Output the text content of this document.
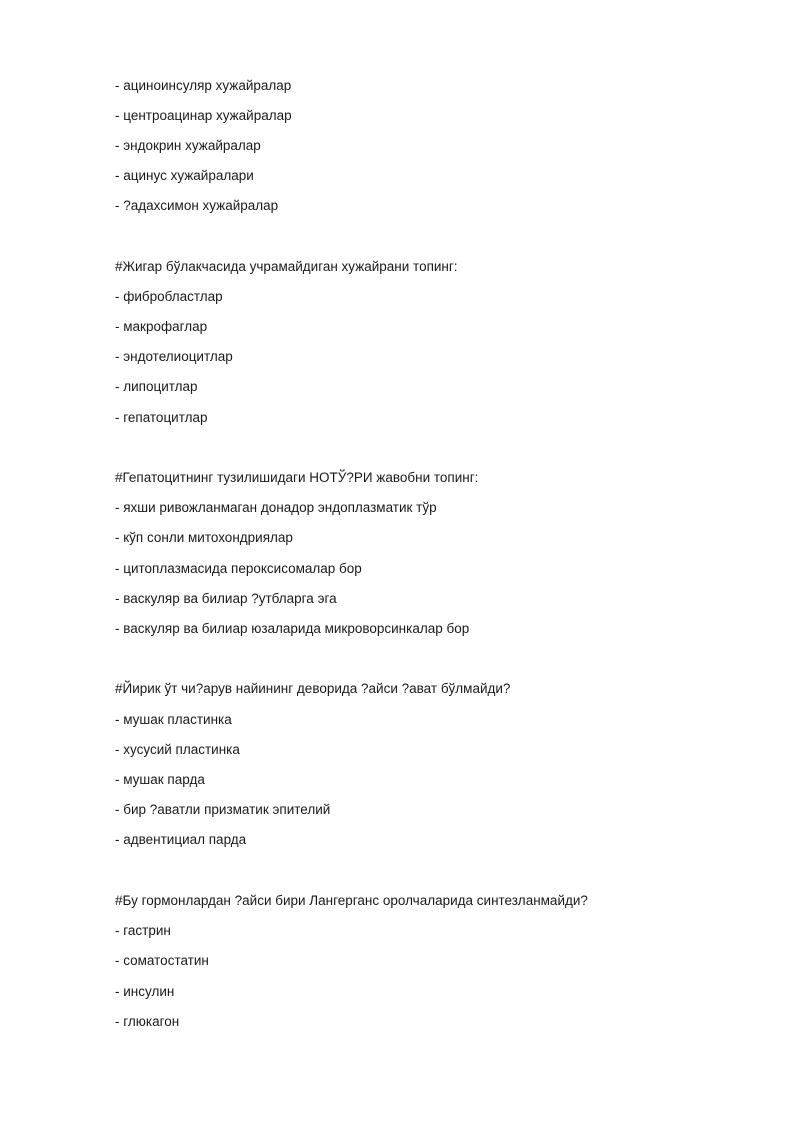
- ациноинсуляр хужайралар
- центроацинар хужайралар
- эндокрин хужайралар
- ацинус хужайралари
- ?адахсимон хужайралар
#Жигар бўлакчасида учрамайдиган хужайрани топинг:
- фибробластлар
- макрофаглар
- эндотелиоцитлар
- липоцитлар
- гепатоцитлар
#Гепатоцитнинг тузилишидаги НОТЎ?РИ жавобни топинг:
- яхши ривожланмаган донадор эндоплазматик тўр
- кўп сонли митохондриялар
- цитоплазмасида пероксисомалар бор
- васкуляр ва билиар ?утбларга эга
- васкуляр ва билиар юзаларида микроворсинкалар бор
#Йирик ўт чи?арув найининг деворида ?айси ?ават бўлмайди?
- мушак пластинка
- хусусий пластинка
- мушак парда
- бир ?аватли призматик эпителий
- адвентициал парда
#Бу гормонлардан ?айси бири Лангерганс оролчаларида синтезланмайди?
- гастрин
- соматостатин
- инсулин
- глюкагон
